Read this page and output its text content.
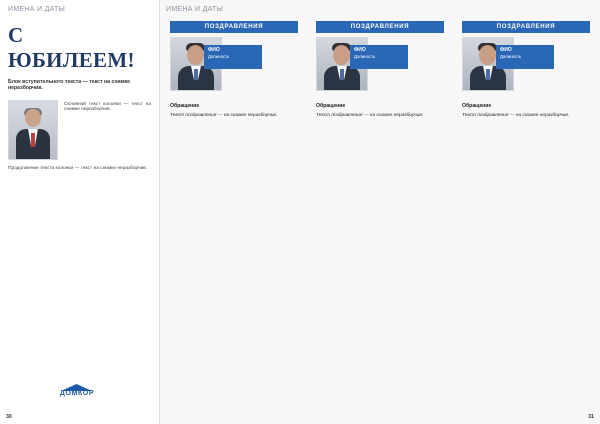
ИМЕНА И ДАТЫ
С ЮБИЛЕЕМ!
Блок вступительного текста — текст на снимке неразборчив.
Основной текст колонки — текст на снимке неразборчив.
Продолжение текста колонки — текст на снимке неразборчив.
ДОМКОР
30
ИМЕНА И ДАТЫ
ПОЗДРАВЛЕНИЯ
ФИО
Должность
Обращение

Текст поздравления — на снимке неразборчив.

ПОЗДРАВЛЕНИЯ
ФИО
Должность
Обращение

Текст поздравления — на снимке неразборчив.

ПОЗДРАВЛЕНИЯ
ФИО
Должность
Обращение

Текст поздравления — на снимке неразборчив.

31
